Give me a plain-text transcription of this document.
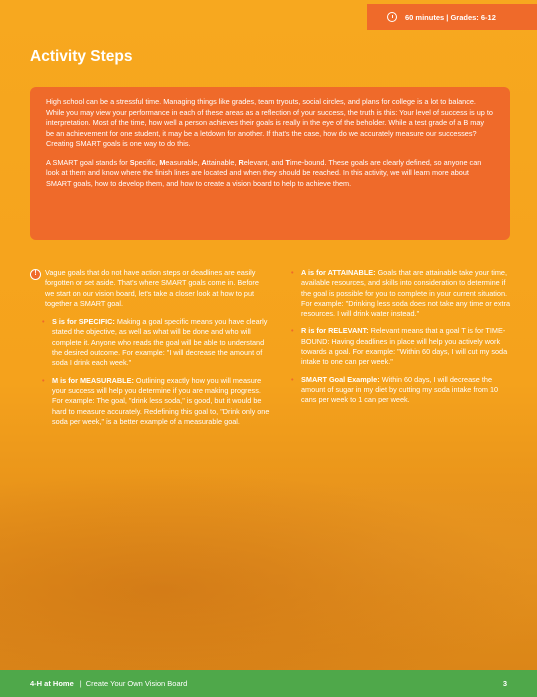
60 minutes | Grades: 6-12
Activity Steps

High school can be a stressful time. Managing things like grades, team tryouts, social circles, and plans for college is a lot to balance. While you may view your performance in each of these areas as a reflection of your success, the truth is this: Your level of success is up to interpretation. Most of the time, how well a person achieves their goals is really in the eye of the beholder. While a test grade of a B may be an achievement for one student, it may be a letdown for another. If that's the case, how do we accurately measure our successes? Creating SMART goals is one way to do this.

A SMART goal stands for Specific, Measurable, Attainable, Relevant, and Time-bound. These goals are clearly defined, so anyone can look at them and know where the finish lines are located and when they should be reached. In this activity, we will learn more about SMART goals, how to develop them, and how to create a vision board to help to achieve them.

!	Vague goals that do not have action steps or deadlines are easily forgotten or set aside. That's where SMART goals come in. Before we start on our vision board, let's take a closer look at how to put together a SMART goal.

• S is for SPECIFIC: Making a goal specific means you have clearly stated the objective, as well as what will be done and who will complete it. Anyone who reads the goal will be able to understand the desired outcome. For example: "I will decrease the amount of soda I drink each week."
• M is for MEASURABLE: Outlining exactly how you will measure your success will help you determine if you are making progress. For example: The goal, "drink less soda," is good, but it would be hard to measure accurately. Redefining this goal to, "Drink only one soda per week," is a better example of a measurable goal.
• A is for ATTAINABLE: Goals that are attainable take your time, available resources, and skills into consideration to determine if the goal is possible for you to complete in your current situation. For example: "Drinking less soda does not take any time or extra resources. I will drink water instead."
• R is for RELEVANT: Relevant means that a goal T is for TIME-BOUND: Having deadlines in place will help you actively work towards a goal. For example: "Within 60 days, I will cut my soda intake to one can per week."
• SMART Goal Example: Within 60 days, I will decrease the amount of sugar in my diet by cutting my soda intake from 10 cans per week to 1 can per week.
4-H at Home | Create Your Own Vision Board	3
